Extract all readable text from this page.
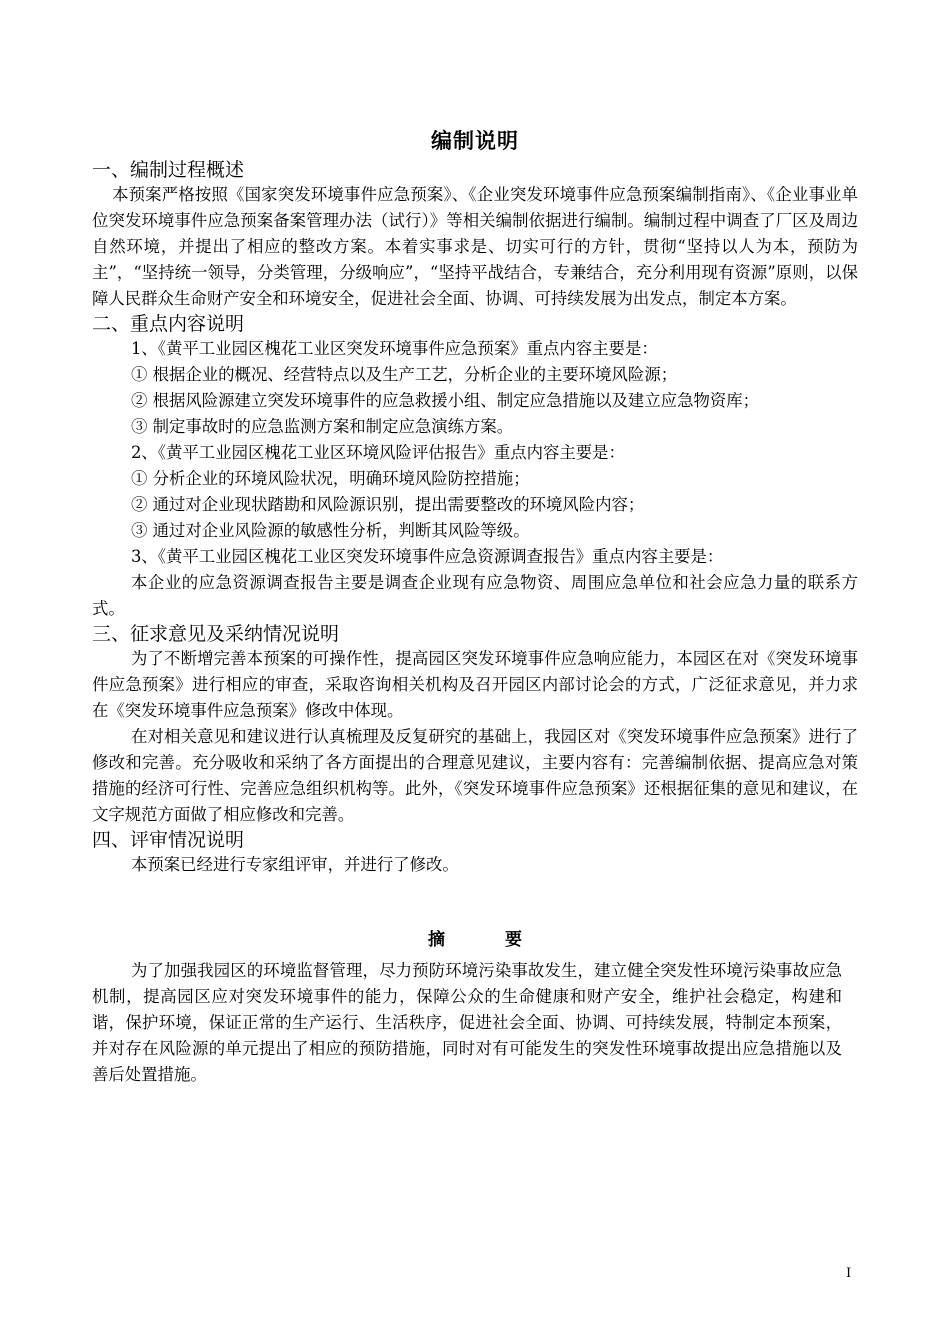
编制说明
一、编制过程概述

本预案严格按照《国家突发环境事件应急预案》、《企业突发环境事件应急预案编制指南》、《企业事业单位突发环境事件应急预案备案管理办法（试行）》等相关编制依据进行编制。编制过程中调查了厂区及周边自然环境，并提出了相应的整改方案。本着实事求是、切实可行的方针，贯彻“坚持以人为本，预防为主”，“坚持统一领导，分类管理，分级响应”，“坚持平战结合，专兼结合，充分利用现有资源”原则，以保障人民群众生命财产安全和环境安全，促进社会全面、协调、可持续发展为出发点，制定本方案。

二、重点内容说明
1、《黄平工业园区槐花工业区突发环境事件应急预案》重点内容主要是：
① 根据企业的概况、经营特点以及生产工艺，分析企业的主要环境风险源；
② 根据风险源建立突发环境事件的应急救援小组、制定应急措施以及建立应急物资库；
③ 制定事故时的应急监测方案和制定应急演练方案。
2、《黄平工业园区槐花工业区环境风险评估报告》重点内容主要是：
① 分析企业的环境风险状况，明确环境风险防控措施；
② 通过对企业现状踏勘和风险源识别，提出需要整改的环境风险内容；
③ 通过对企业风险源的敏感性分析，判断其风险等级。
3、《黄平工业园区槐花工业区突发环境事件应急资源调查报告》重点内容主要是：

本企业的应急资源调查报告主要是调查企业现有应急物资、周围应急单位和社会应急力量的联系方式。

三、征求意见及采纳情况说明

为了不断增完善本预案的可操作性，提高园区突发环境事件应急响应能力，本园区在对《突发环境事件应急预案》进行相应的审查，采取咨询相关机构及召开园区内部讨论会的方式，广泛征求意见，并力求在《突发环境事件应急预案》修改中体现。

在对相关意见和建议进行认真梳理及反复研究的基础上，我园区对《突发环境事件应急预案》进行了修改和完善。充分吸收和采纳了各方面提出的合理意见建议，主要内容有：完善编制依据、提高应急对策措施的经济可行性、完善应急组织机构等。此外，《突发环境事件应急预案》还根据征集的意见和建议，在文字规范方面做了相应修改和完善。

四、评审情况说明

本预案已经进行专家组评审，并进行了修改。

摘	要

为了加强我园区的环境监督管理，尽力预防环境污染事故发生，建立健全突发性环境污染事故应急机制，提高园区应对突发环境事件的能力，保障公众的生命健康和财产安全，维护社会稳定，构建和谐，保护环境，保证正常的生产运行、生活秩序，促进社会全面、协调、可持续发展，特制定本预案，并对存在风险源的单元提出了相应的预防措施，同时对有可能发生的突发性环境事故提出应急措施以及善后处置措施。

I
